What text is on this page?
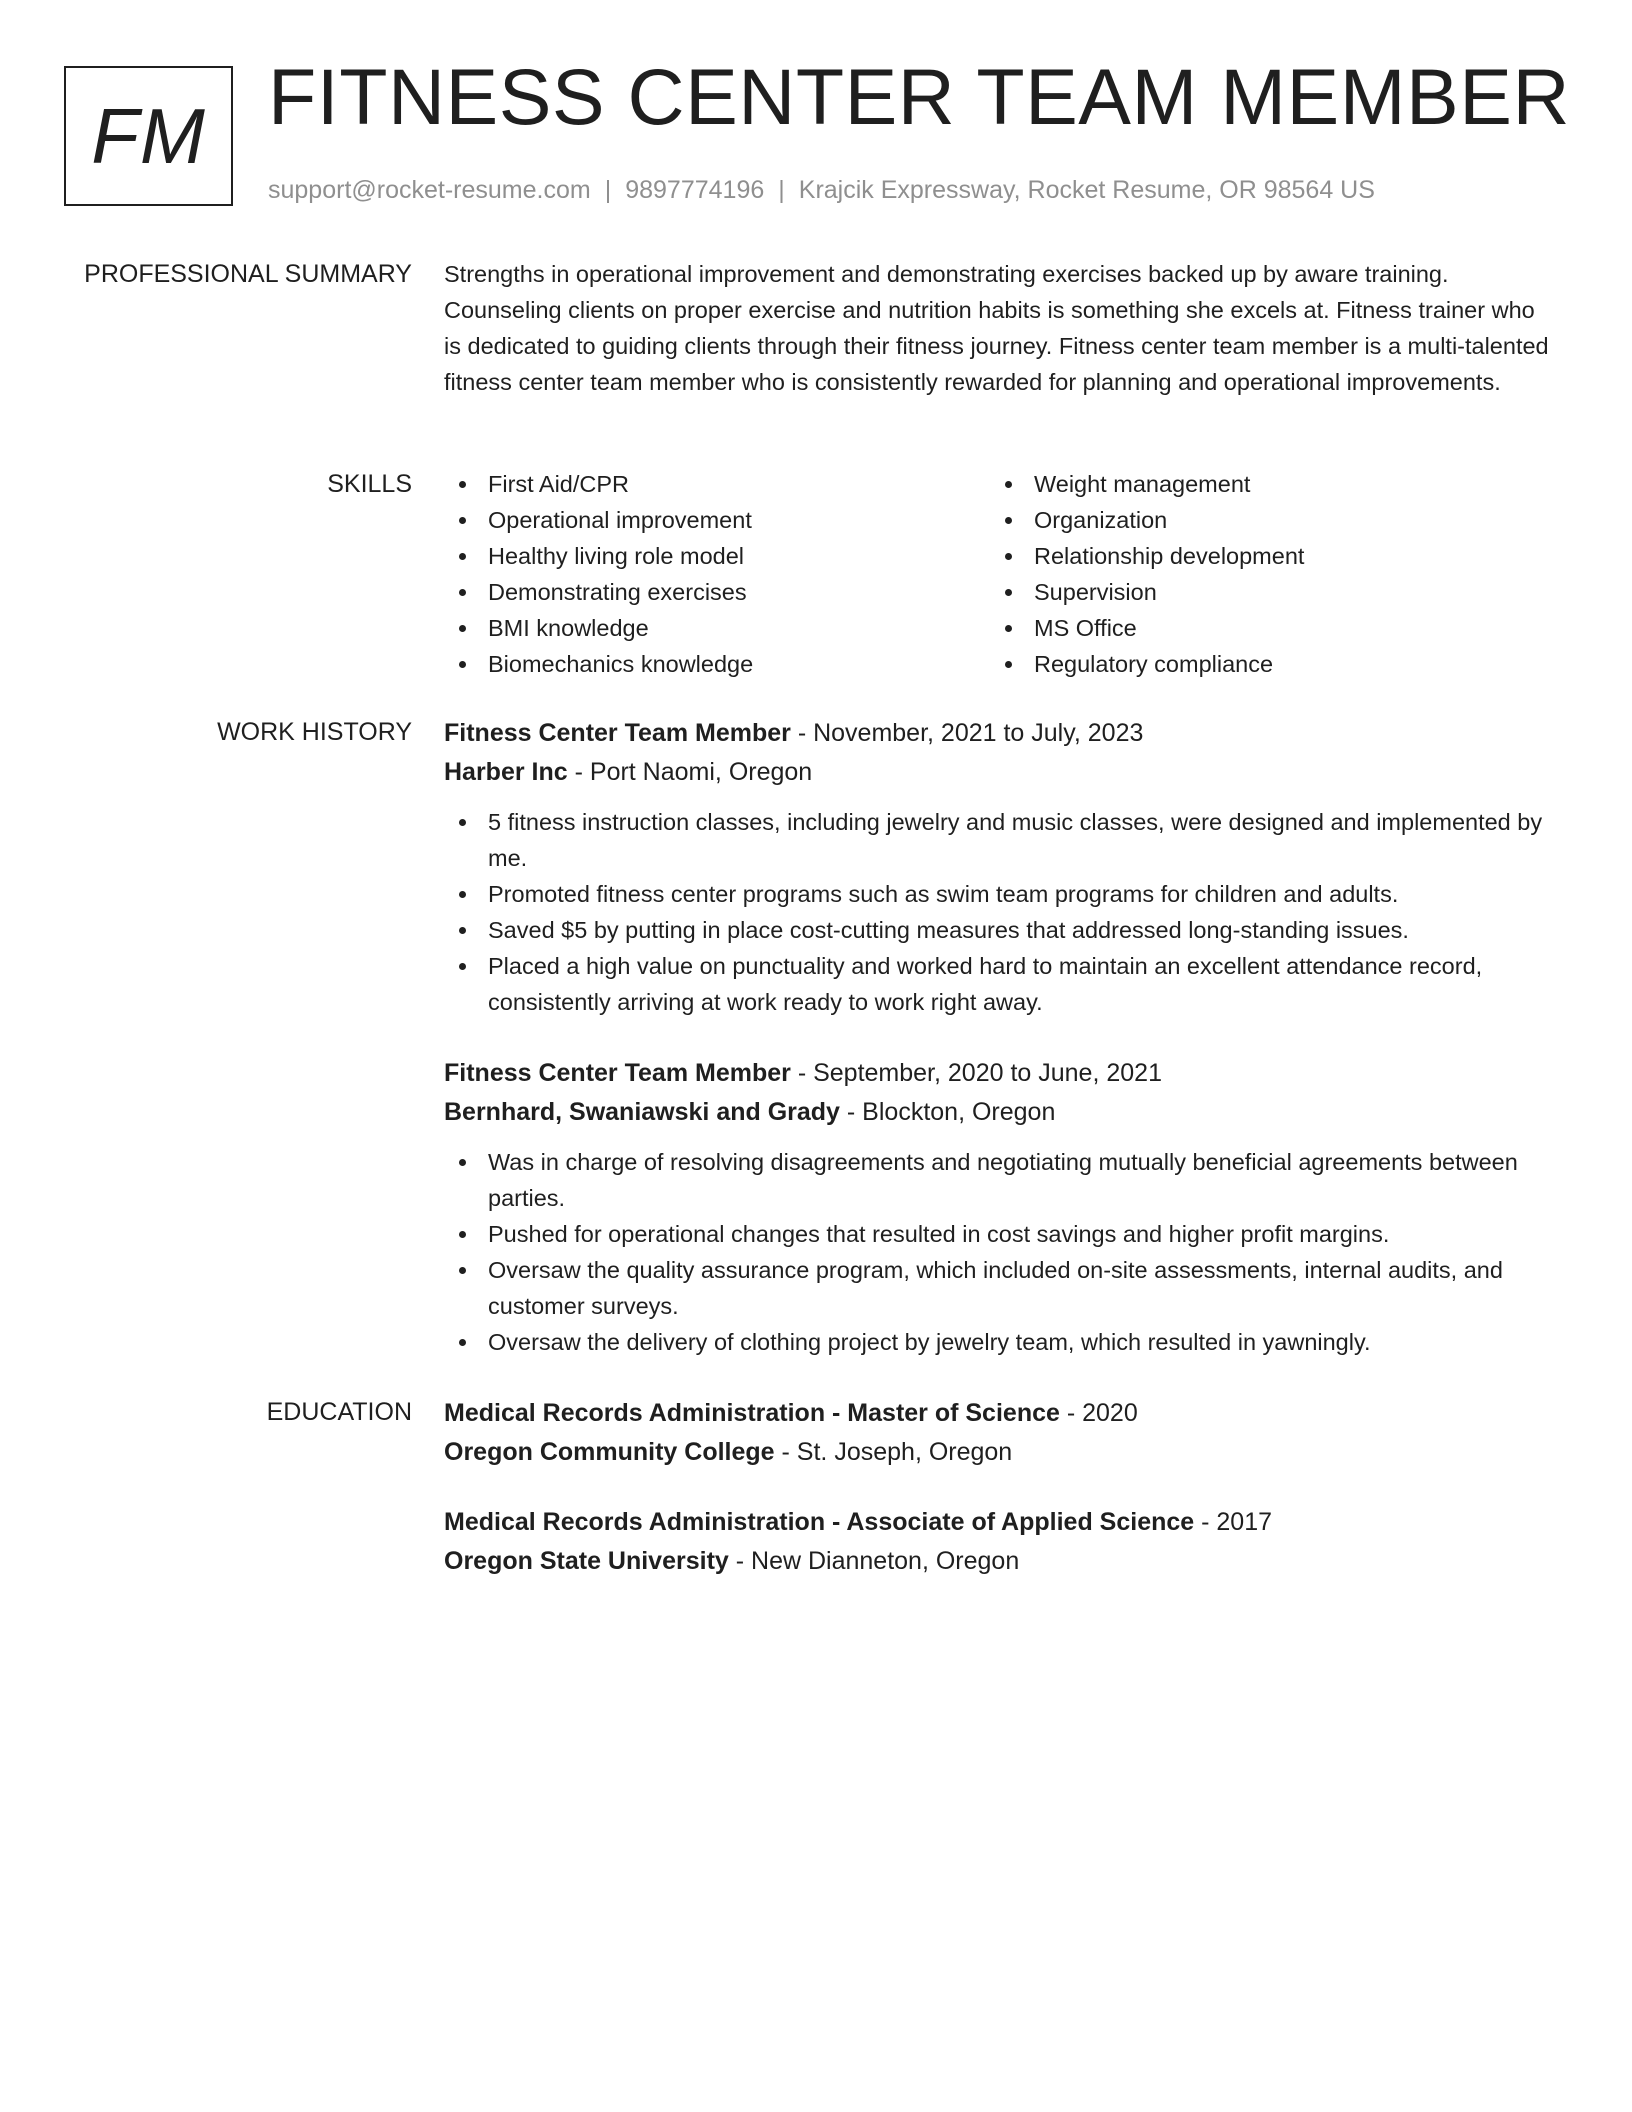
FM FITNESS CENTER TEAM MEMBER
support@rocket-resume.com | 9897774196 | Krajcik Expressway, Rocket Resume, OR 98564 US
PROFESSIONAL SUMMARY Strengths in operational improvement and demonstrating exercises backed up by aware training. Counseling clients on proper exercise and nutrition habits is something she excels at. Fitness trainer who is dedicated to guiding clients through their fitness journey. Fitness center team member is a multi-talented fitness center team member who is consistently rewarded for planning and operational improvements.

SKILLS	First Aid/CPR
Operational improvement
Healthy living role model
Demonstrating exercises
BMI knowledge
Biomechanics knowledge
Weight management
Organization
Relationship development
Supervision
MS Office
Regulatory compliance
WORK HISTORY Fitness Center Team Member - November, 2021 to July, 2023
Harber Inc - Port Naomi, Oregon
5 fitness instruction classes, including jewelry and music classes, were designed and implemented by me.
Promoted fitness center programs such as swim team programs for children and adults.
Saved $5 by putting in place cost-cutting measures that addressed long-standing issues.
Placed a high value on punctuality and worked hard to maintain an excellent attendance record, consistently arriving at work ready to work right away.
Fitness Center Team Member - September, 2020 to June, 2021
Bernhard, Swaniawski and Grady - Blockton, Oregon
Was in charge of resolving disagreements and negotiating mutually beneficial agreements between parties.
Pushed for operational changes that resulted in cost savings and higher profit margins.
Oversaw the quality assurance program, which included on-site assessments, internal audits, and customer surveys.
Oversaw the delivery of clothing project by jewelry team, which resulted in yawningly.
EDUCATION Medical Records Administration - Master of Science - 2020
Oregon Community College - St. Joseph, Oregon
Medical Records Administration - Associate of Applied Science - 2017
Oregon State University - New Dianneton, Oregon
